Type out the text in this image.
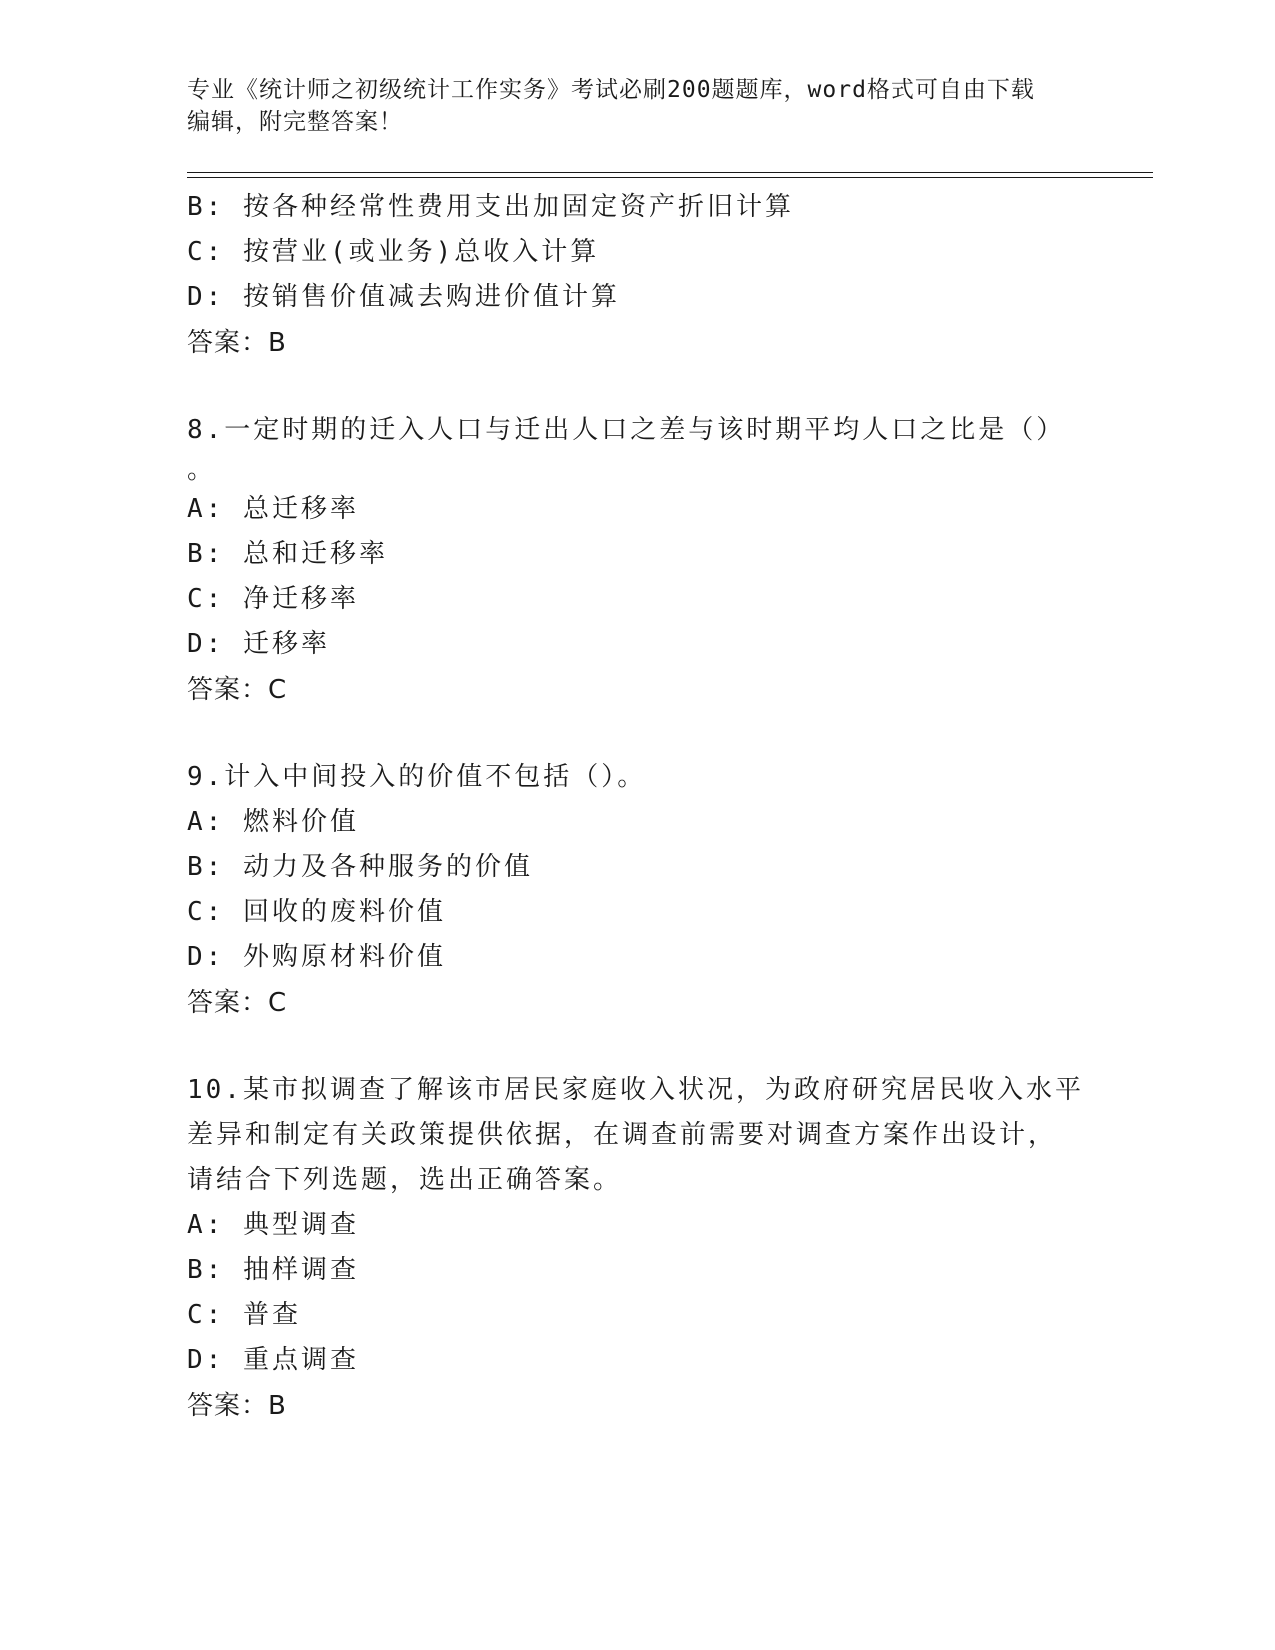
专业《统计师之初级统计工作实务》考试必刷200题题库，word格式可自由下载
编辑，附完整答案！
B: 按各种经常性费用支出加固定资产折旧计算
C: 按营业(或业务)总收入计算
D: 按销售价值减去购进价值计算
答案：B
8.一定时期的迁入人口与迁出人口之差与该时期平均人口之比是（）
。
A: 总迁移率
B: 总和迁移率
C: 净迁移率
D: 迁移率
答案：C
9.计入中间投入的价值不包括（）。
A: 燃料价值
B: 动力及各种服务的价值
C: 回收的废料价值
D: 外购原材料价值
答案：C
10.某市拟调查了解该市居民家庭收入状况，为政府研究居民收入水平
差异和制定有关政策提供依据，在调查前需要对调查方案作出设计，
请结合下列选题，选出正确答案。
A: 典型调查
B: 抽样调查
C: 普查
D: 重点调查
答案：B
